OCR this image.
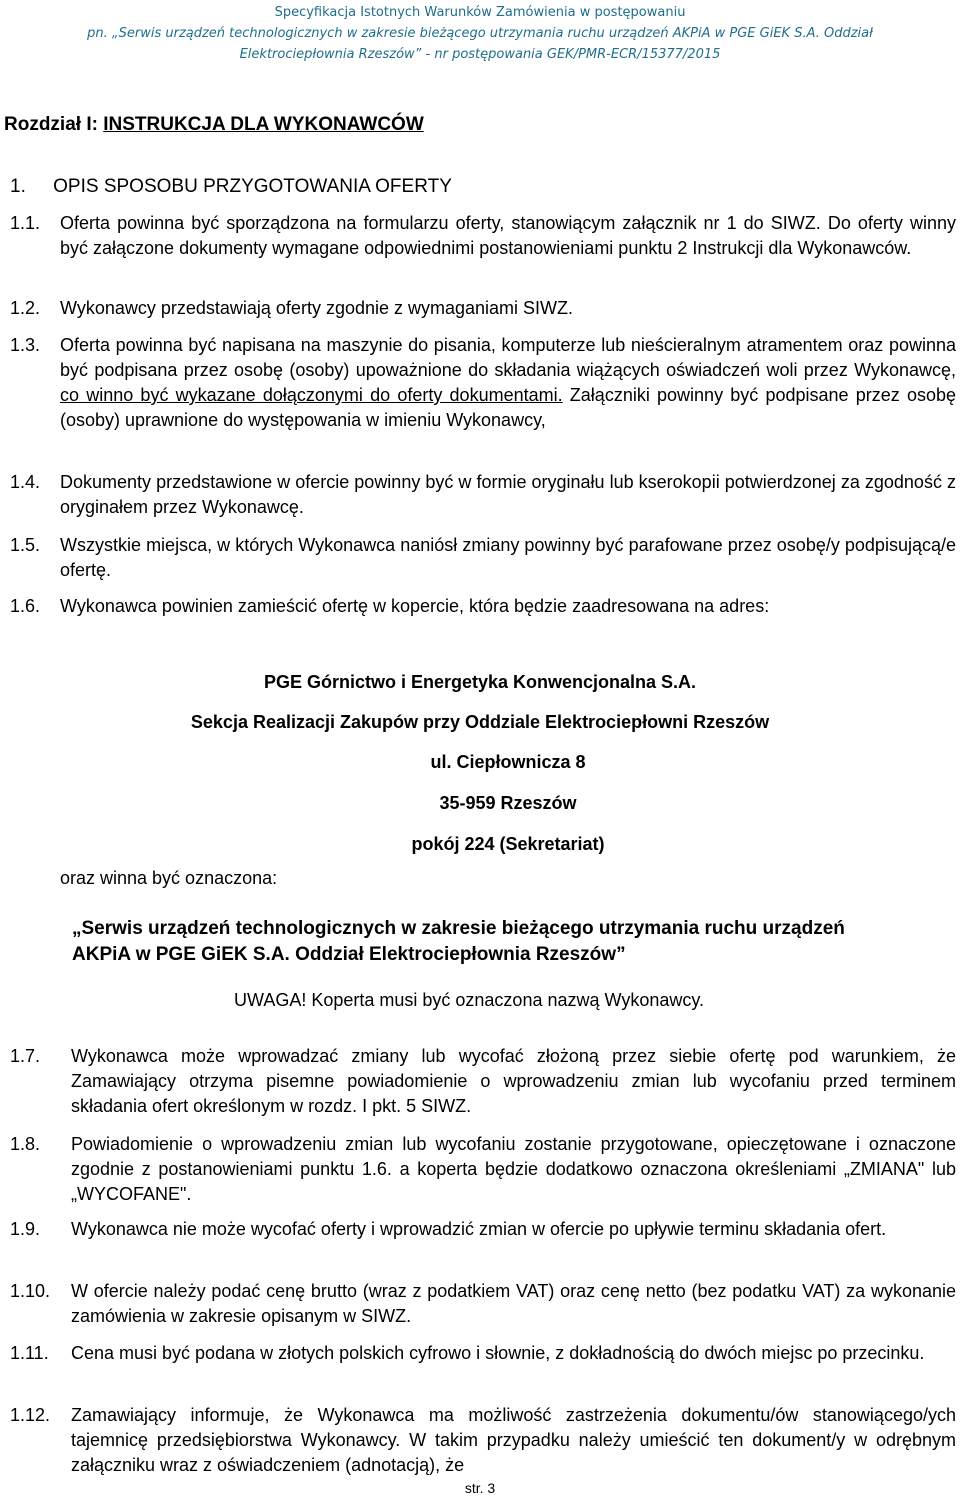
Specyfikacja Istotnych Warunków Zamówienia w postępowaniu
pn. „Serwis urządzeń technologicznych w zakresie bieżącego utrzymania ruchu urządzeń AKPiA w PGE GiEK S.A. Oddział
Elektrociepłownia Rzeszów” - nr postępowania GEK/PMR-ECR/15377/2015
Rozdział I: INSTRUKCJA DLA WYKONAWCÓW
1. OPIS SPOSOBU PRZYGOTOWANIA OFERTY
1.1. Oferta powinna być sporządzona na formularzu oferty, stanowiącym załącznik nr 1 do SIWZ. Do oferty winny być załączone dokumenty wymagane odpowiednimi postanowieniami punktu 2 Instrukcji dla Wykonawców.
1.2. Wykonawcy przedstawiają oferty zgodnie z wymaganiami SIWZ.
1.3. Oferta powinna być napisana na maszynie do pisania, komputerze lub nieścieralnym atramentem oraz powinna być podpisana przez osobę (osoby) upoważnione do składania wiążących oświadczeń woli przez Wykonawcę, co winno być wykazane dołączonymi do oferty dokumentami. Załączniki powinny być podpisane przez osobę (osoby) uprawnione do występowania w imieniu Wykonawcy,
1.4. Dokumenty przedstawione w ofercie powinny być w formie oryginału lub kserokopii potwierdzonej za zgodność z oryginałem przez Wykonawcę.
1.5. Wszystkie miejsca, w których Wykonawca naniósł zmiany powinny być parafowane przez osobę/y podpisującą/e ofertę.
1.6. Wykonawca powinien zamieścić ofertę w kopercie, która będzie zaadresowana na adres:
PGE Górnictwo i Energetyka Konwencjonalna S.A.
Sekcja Realizacji Zakupów przy Oddziale Elektrociepłowni Rzeszów
ul. Ciepłownicza 8
35-959 Rzeszów
pokój 224 (Sekretariat)
oraz winna być oznaczona:
„Serwis urządzeń technologicznych w zakresie bieżącego utrzymania ruchu urządzeń
AKPiA w PGE GiEK S.A. Oddział Elektrociepłownia Rzeszów”
UWAGA! Koperta musi być oznaczona nazwą Wykonawcy.
1.7. Wykonawca może wprowadzać zmiany lub wycofać złożoną przez siebie ofertę pod warunkiem, że Zamawiający otrzyma pisemne powiadomienie o wprowadzeniu zmian lub wycofaniu przed terminem składania ofert określonym w rozdz. I pkt. 5 SIWZ.
1.8. Powiadomienie o wprowadzeniu zmian lub wycofaniu zostanie przygotowane, opieczętowane i oznaczone zgodnie z postanowieniami punktu 1.6. a koperta będzie dodatkowo oznaczona określeniami „ZMIANA" lub „WYCOFANE".
1.9. Wykonawca nie może wycofać oferty i wprowadzić zmian w ofercie po upływie terminu składania ofert.
1.10. W ofercie należy podać cenę brutto (wraz z podatkiem VAT) oraz cenę netto (bez podatku VAT) za wykonanie zamówienia w zakresie opisanym w SIWZ.
1.11. Cena musi być podana w złotych polskich cyfrowo i słownie, z dokładnością do dwóch miejsc po przecinku.
1.12. Zamawiający informuje, że Wykonawca ma możliwość zastrzeżenia dokumentu/ów stanowiącego/ych tajemnicę przedsiębiorstwa Wykonawcy. W takim przypadku należy umieścić ten dokument/y w odrębnym załączniku wraz z oświadczeniem (adnotacją), że
str. 3
